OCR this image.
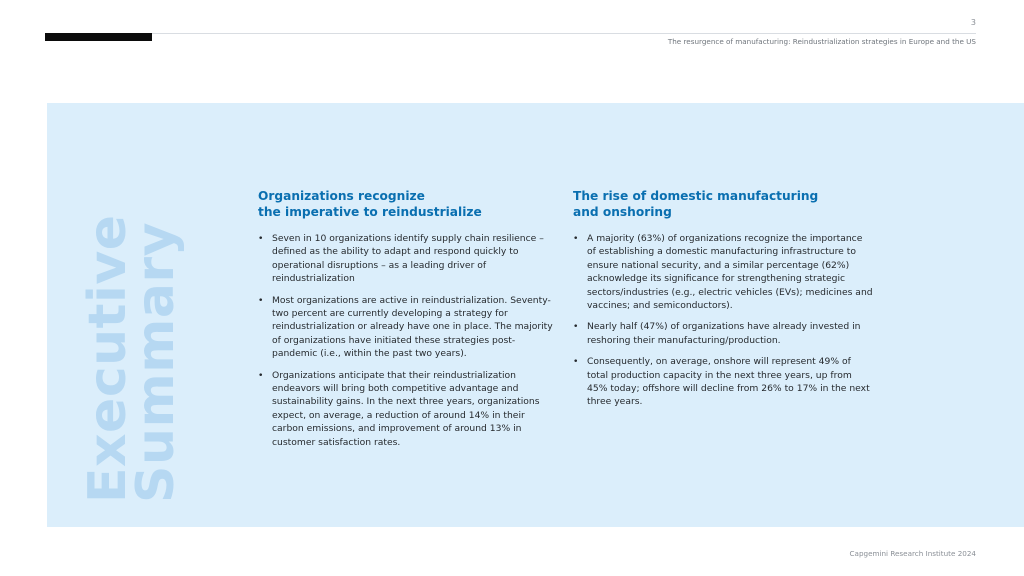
3
The resurgence of manufacturing: Reindustrialization strategies in Europe and the US
Executive
Summary
Organizations recognize
the imperative to reindustrialize
• Seven in 10 organizations identify supply chain resilience – defined as the ability to adapt and respond quickly to operational disruptions – as a leading driver of reindustrialization
• Most organizations are active in reindustrialization. Seventy-two percent are currently developing a strategy for reindustrialization or already have one in place. The majority of organizations have initiated these strategies post-pandemic (i.e., within the past two years).
• Organizations anticipate that their reindustrialization endeavors will bring both competitive advantage and sustainability gains. In the next three years, organizations expect, on average, a reduction of around 14% in their carbon emissions, and improvement of around 13% in customer satisfaction rates.
The rise of domestic manufacturing
and onshoring
• A majority (63%) of organizations recognize the importance of establishing a domestic manufacturing infrastructure to ensure national security, and a similar percentage (62%) acknowledge its significance for strengthening strategic sectors/industries (e.g., electric vehicles (EVs); medicines and vaccines; and semiconductors).
• Nearly half (47%) of organizations have already invested in reshoring their manufacturing/production.
• Consequently, on average, onshore will represent 49% of total production capacity in the next three years, up from 45% today; offshore will decline from 26% to 17% in the next three years.
Capgemini Research Institute 2024
